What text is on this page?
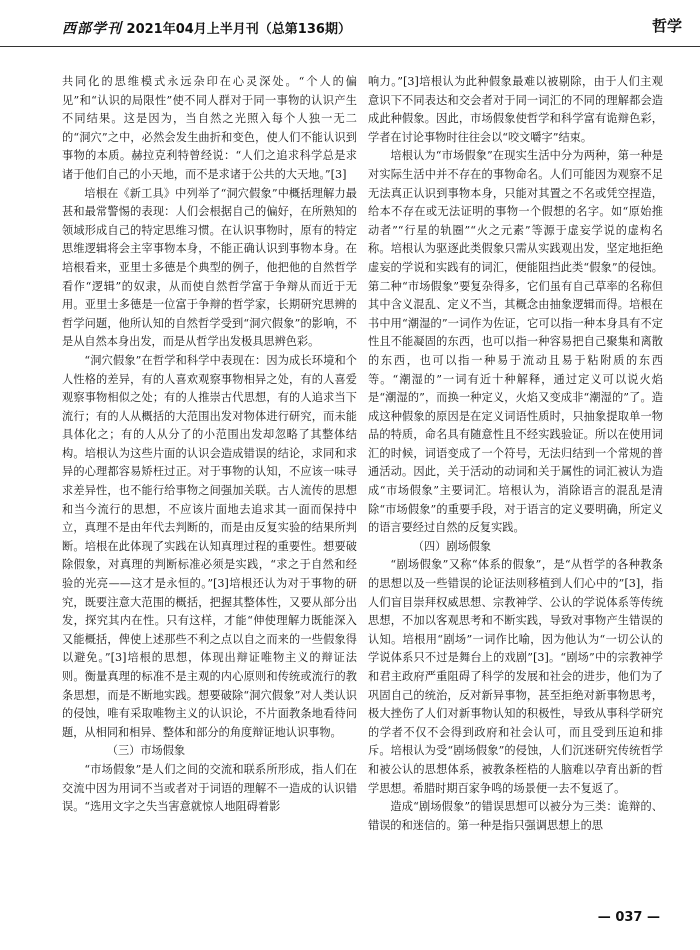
西部学刊 2021年04月上半月刊（总第136期）	哲学

共同化的思维模式永远杂印在心灵深处。“个人的偏见”和“认识的局限性”使不同人群对于同一事物的认识产生不同结果。这是因为，当自然之光照入每个人独一无二的“洞穴”之中，必然会发生曲折和变色，使人们不能认识到事物的本质。赫拉克利特曾经说：“人们之追求科学总是求诸于他们自己的小天地，而不是求诸于公共的大天地。”[3]

培根在《新工具》中列举了“洞穴假象”中概括理解力最甚和最常警惕的表现：人们会根据自己的偏好，在所熟知的领域形成自己的特定思维习惯。在认识事物时，原有的特定思维逻辑将会主宰事物本身，不能正确认识到事物本身。在培根看来，亚里士多德是个典型的例子，他把他的自然哲学看作“逻辑”的奴隶，从而使自然哲学富于争辩从而近于无用。亚里士多德是一位富于争辩的哲学家，长期研究思辨的哲学问题，他所认知的自然哲学受到“洞穴假象”的影响，不是从自然本身出发，而是从哲学出发极具思辨色彩。

“洞穴假象”在哲学和科学中表现在：因为成长环境和个人性格的差异，有的人喜欢观察事物相异之处，有的人喜爱观察事物相似之处；有的人推崇古代思想，有的人追求当下流行；有的人从概括的大范围出发对物体进行研究，而未能具体化之；有的人从分了的小范围出发却忽略了其整体结构。培根认为这些片面的认识会造成错误的结论，求同和求异的心理都容易矫枉过正。对于事物的认知，不应该一味寻求差异性，也不能行给事物之间强加关联。古人流传的思想和当今流行的思想，不应该片面地去追求其一面而保持中立，真理不是由年代去判断的，而是由反复实验的结果所判断。培根在此体现了实践在认知真理过程的重要性。想要破除假象，对真理的判断标准必须是实践，“求之于自然和经验的光亮——这才是永恒的。”[3]培根还认为对于事物的研究，既要注意大范围的概括，把握其整体性，又要从部分出发，探究其内在性。只有这样，才能“伸使理解力既能深入又能概括，俾使上述那些不利之点以自之而来的一些假象得以避免。”[3]培根的思想，体现出辩证唯物主义的辩证法则。衡量真理的标准不是主观的内心原则和传统或流行的教条思想，而是不断地实践。想要破除“洞穴假象”对人类认识的侵蚀，唯有采取唯物主义的认识论，不片面教条地看待问题，从相同和相异、整体和部分的角度辩证地认识事物。

（三）市场假象

“市场假象”是人们之间的交流和联系所形成，指人们在交流中因为用词不当或者对于词语的理解不一造成的认识错误。“选用文字之失当害意就惊人地阻碍着影

响力。”[3]培根认为此种假象最难以被剔除，由于人们主观意识下不同表达和交会者对于同一词汇的不同的理解都会造成此种假象。因此，市场假象使哲学和科学富有诡辩色彩，学者在讨论事物时往往会以“咬文嚼字”结束。

培根认为“市场假象”在现实生活中分为两种，第一种是对实际生活中并不存在的事物命名。人们可能因为观察不足无法真正认识到事物本身，只能对其置之不名或凭空捏造，给本不存在或无法证明的事物一个假想的名字。如“原始推动者”“行星的轨圈”“火之元素”等源于虚妄学说的虚构名称。培根认为驱逐此类假象只需从实践观出发，坚定地拒绝虚妄的学说和实践有的词汇，便能阻挡此类“假象”的侵蚀。第二种“市场假象”要复杂得多，它们虽有自己草率的名称但其中含义混乱、定义不当，其概念由抽象逻辑而得。培根在书中用“潮湿的”一词作为佐证，它可以指一种本身具有不定性且不能凝固的东西，也可以指一种容易把自己聚集和离散的东西，也可以指一种易于流动且易于粘附质的东西等。“潮湿的”一词有近十种解释，通过定义可以说火焰是“潮湿的”，而换一种定义，火焰又变成非“潮湿的”了。造成这种假象的原因是在定义词语性质时，只抽象提取单一物品的特质，命名具有随意性且不经实践验证。所以在使用词汇的时候，词语变成了一个符号，无法归结到一个常规的普通活动。因此，关于活动的动词和关于属性的词汇被认为造成“市场假象”主要词汇。培根认为，消除语言的混乱是清除“市场假象”的重要手段，对于语言的定义要明确，所定义的语言要经过自然的反复实践。

（四）剧场假象

“剧场假象”又称“体系的假象”，是“从哲学的各种教条的思想以及一些错误的论证法则移植到人们心中的”[3]，指人们盲目崇拜权威思想、宗教神学、公认的学说体系等传统思想，不加以客观思考和不断实践，导致对事物产生错误的认知。培根用“剧场”一词作比喻，因为他认为“一切公认的学说体系只不过是舞台上的戏剧”[3]。“剧场”中的宗教神学和君主政府严重阻碍了科学的发展和社会的进步，他们为了巩固自己的统治，反对新异事物，甚至拒绝对新事物思考，极大挫伤了人们对新事物认知的积极性，导致从事科学研究的学者不仅不会得到政府和社会认可，而且受到压迫和排斥。培根认为受“剧场假象”的侵蚀，人们沉迷研究传统哲学和被公认的思想体系，被教条桎梏的人脑难以孕育出新的哲学思想。希腊时期百家争鸣的场景便一去不复返了。

造成“剧场假象”的错误思想可以被分为三类：诡辩的、错误的和迷信的。第一种是指只强调思想上的思

— 037 —
